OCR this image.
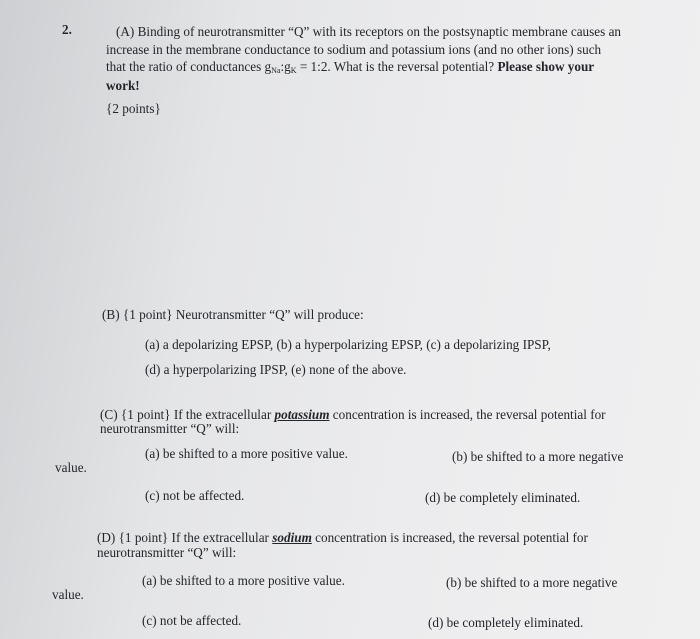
2.	(A) Binding of neurotransmitter “Q” with its receptors on the postsynaptic membrane causes an
increase in the membrane conductance to sodium and potassium ions (and no other ions) such
that the ratio of conductances $g_{Na}:g_K$ = 1:2. What is the reversal potential? Please show your
work!
{2 points}
(B) {1 point} Neurotransmitter “Q” will produce:
(a) a depolarizing EPSP, (b) a hyperpolarizing EPSP, (c) a depolarizing IPSP,
(d) a hyperpolarizing IPSP, (e) none of the above.
(C) {1 point} If the extracellular potassium concentration is increased, the reversal potential for
neurotransmitter “Q” will:
(a) be shifted to a more positive value.	(b) be shifted to a more negative
value.
(c) not be affected.	(d) be completely eliminated.
(D) {1 point} If the extracellular sodium concentration is increased, the reversal potential for
neurotransmitter “Q” will:
(a) be shifted to a more positive value.	(b) be shifted to a more negative
value.
(c) not be affected.	(d) be completely eliminated.
